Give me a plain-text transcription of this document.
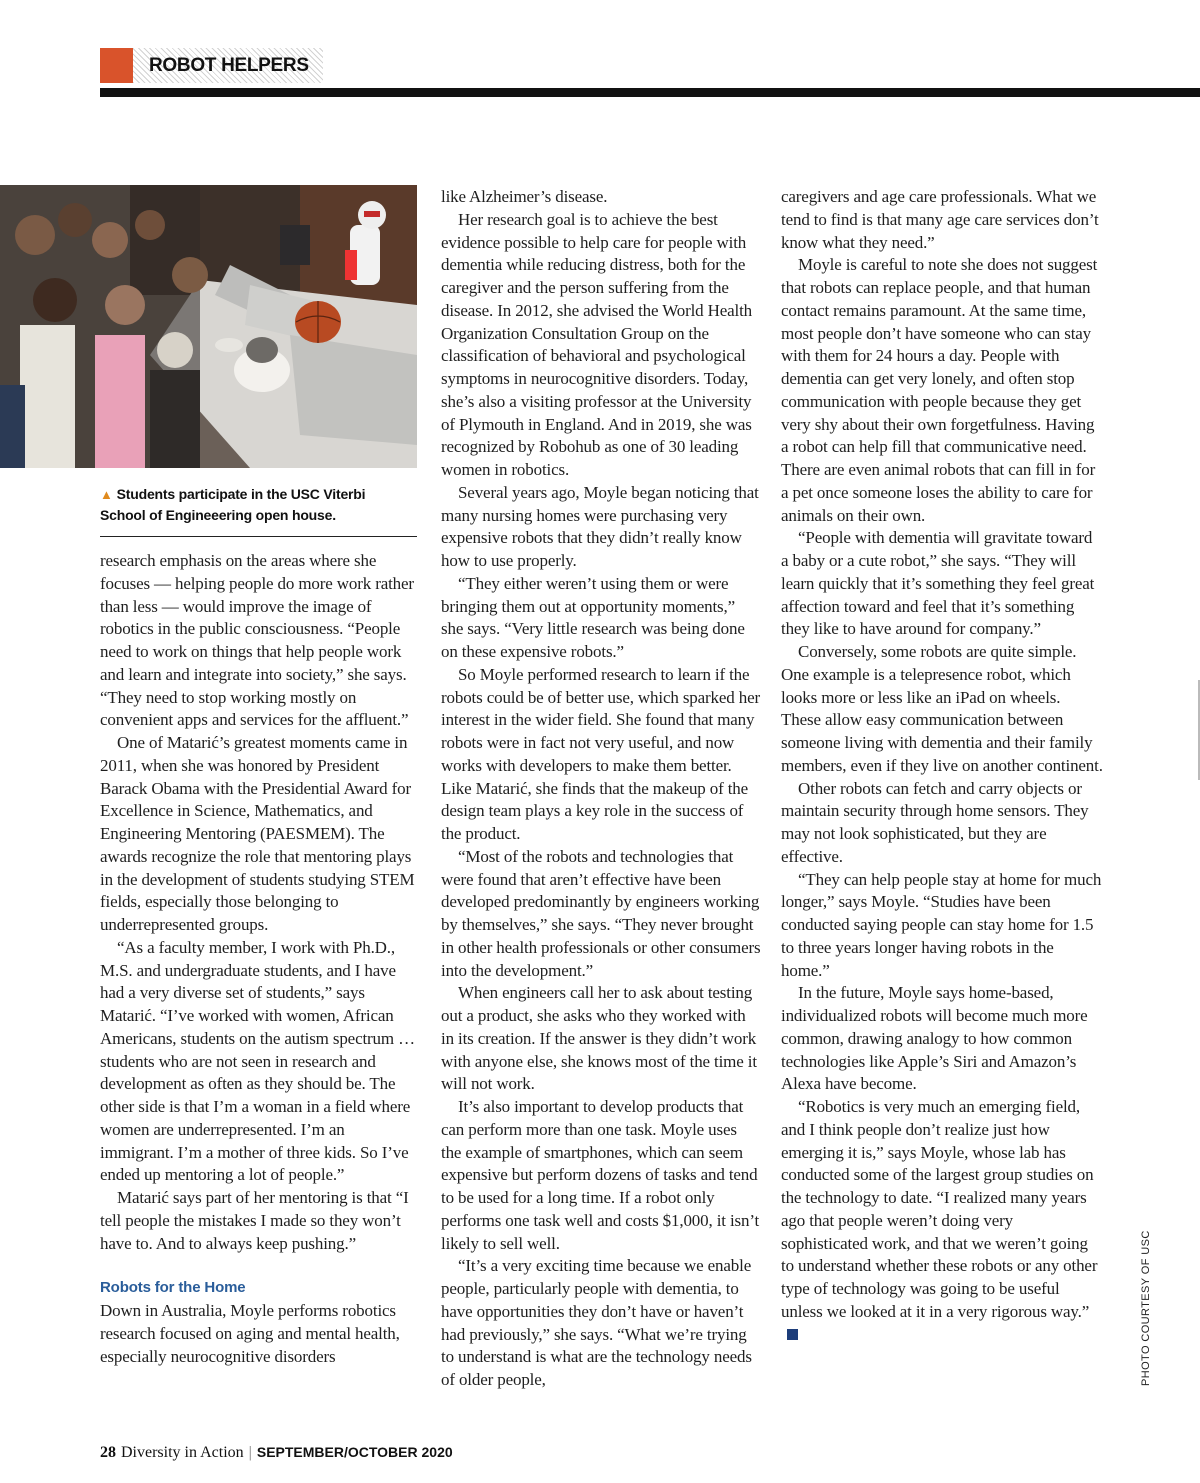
ROBOT HELPERS
▲ Students participate in the USC Viterbi School of Engineeering open house.

research emphasis on the areas where she focuses — helping people do more work rather than less — would improve the image of robotics in the public consciousness. “People need to work on things that help people work and learn and integrate into society,” she says. “They need to stop working mostly on convenient apps and services for the affluent.”

One of Matarić’s greatest moments came in 2011, when she was honored by President Barack Obama with the Presidential Award for Excellence in Science, Mathematics, and Engineering Mentoring (PAESMEM). The awards recognize the role that mentoring plays in the development of students studying STEM fields, especially those belonging to underrepresented groups.

“As a faculty member, I work with Ph.D., M.S. and undergraduate students, and I have had a very diverse set of students,” says Matarić. “I’ve worked with women, African Americans, students on the autism spectrum … students who are not seen in research and development as often as they should be. The other side is that I’m a woman in a field where women are underrepresented. I’m an immigrant. I’m a mother of three kids. So I’ve ended up mentoring a lot of people.”

Matarić says part of her mentoring is that “I tell people the mistakes I made so they won’t have to. And to always keep pushing.”

Robots for the Home

Down in Australia, Moyle performs robotics research focused on aging and mental health, especially neurocognitive disorders

like Alzheimer’s disease.

Her research goal is to achieve the best evidence possible to help care for people with dementia while reducing distress, both for the caregiver and the person suffering from the disease. In 2012, she advised the World Health Organization Consultation Group on the classification of behavioral and psychological symptoms in neurocognitive disorders. Today, she’s also a visiting professor at the University of Plymouth in England. And in 2019, she was recognized by Robohub as one of 30 leading women in robotics.

Several years ago, Moyle began noticing that many nursing homes were purchasing very expensive robots that they didn’t really know how to use properly.

“They either weren’t using them or were bringing them out at opportunity moments,” she says. “Very little research was being done on these expensive robots.”

So Moyle performed research to learn if the robots could be of better use, which sparked her interest in the wider field. She found that many robots were in fact not very useful, and now works with developers to make them better. Like Matarić, she finds that the makeup of the design team plays a key role in the success of the product.

“Most of the robots and technologies that were found that aren’t effective have been developed predominantly by engineers working by themselves,” she says. “They never brought in other health professionals or other consumers into the development.”

When engineers call her to ask about testing out a product, she asks who they worked with in its creation. If the answer is they didn’t work with anyone else, she knows most of the time it will not work.

It’s also important to develop products that can perform more than one task. Moyle uses the example of smartphones, which can seem expensive but perform dozens of tasks and tend to be used for a long time. If a robot only performs one task well and costs $1,000, it isn’t likely to sell well.

“It’s a very exciting time because we enable people, particularly people with dementia, to have opportunities they don’t have or haven’t had previously,” she says. “What we’re trying to understand is what are the technology needs of older people,

caregivers and age care professionals. What we tend to find is that many age care services don’t know what they need.”

Moyle is careful to note she does not suggest that robots can replace people, and that human contact remains paramount. At the same time, most people don’t have someone who can stay with them for 24 hours a day. People with dementia can get very lonely, and often stop communication with people because they get very shy about their own forgetfulness. Having a robot can help fill that communicative need. There are even animal robots that can fill in for a pet once someone loses the ability to care for animals on their own.

“People with dementia will gravitate toward a baby or a cute robot,” she says. “They will learn quickly that it’s something they feel great affection toward and feel that it’s something they like to have around for company.”

Conversely, some robots are quite simple. One example is a telepresence robot, which looks more or less like an iPad on wheels. These allow easy communication between someone living with dementia and their family members, even if they live on another continent.

Other robots can fetch and carry objects or maintain security through home sensors. They may not look sophisticated, but they are effective.

“They can help people stay at home for much longer,” says Moyle. “Studies have been conducted saying people can stay home for 1.5 to three years longer having robots in the home.”

In the future, Moyle says home-based, individualized robots will become much more common, drawing analogy to how common technologies like Apple’s Siri and Amazon’s Alexa have become.

“Robotics is very much an emerging field, and I think people don’t realize just how emerging it is,” says Moyle, whose lab has conducted some of the largest group studies on the technology to date. “I realized many years ago that people weren’t doing very sophisticated work, and that we weren’t going to understand whether these robots or any other type of technology was going to be useful unless we looked at it in a very rigorous way.”	PHOTO COURTESY OF USC
28 Diversity in Action | SEPTEMBER/OCTOBER 2020
